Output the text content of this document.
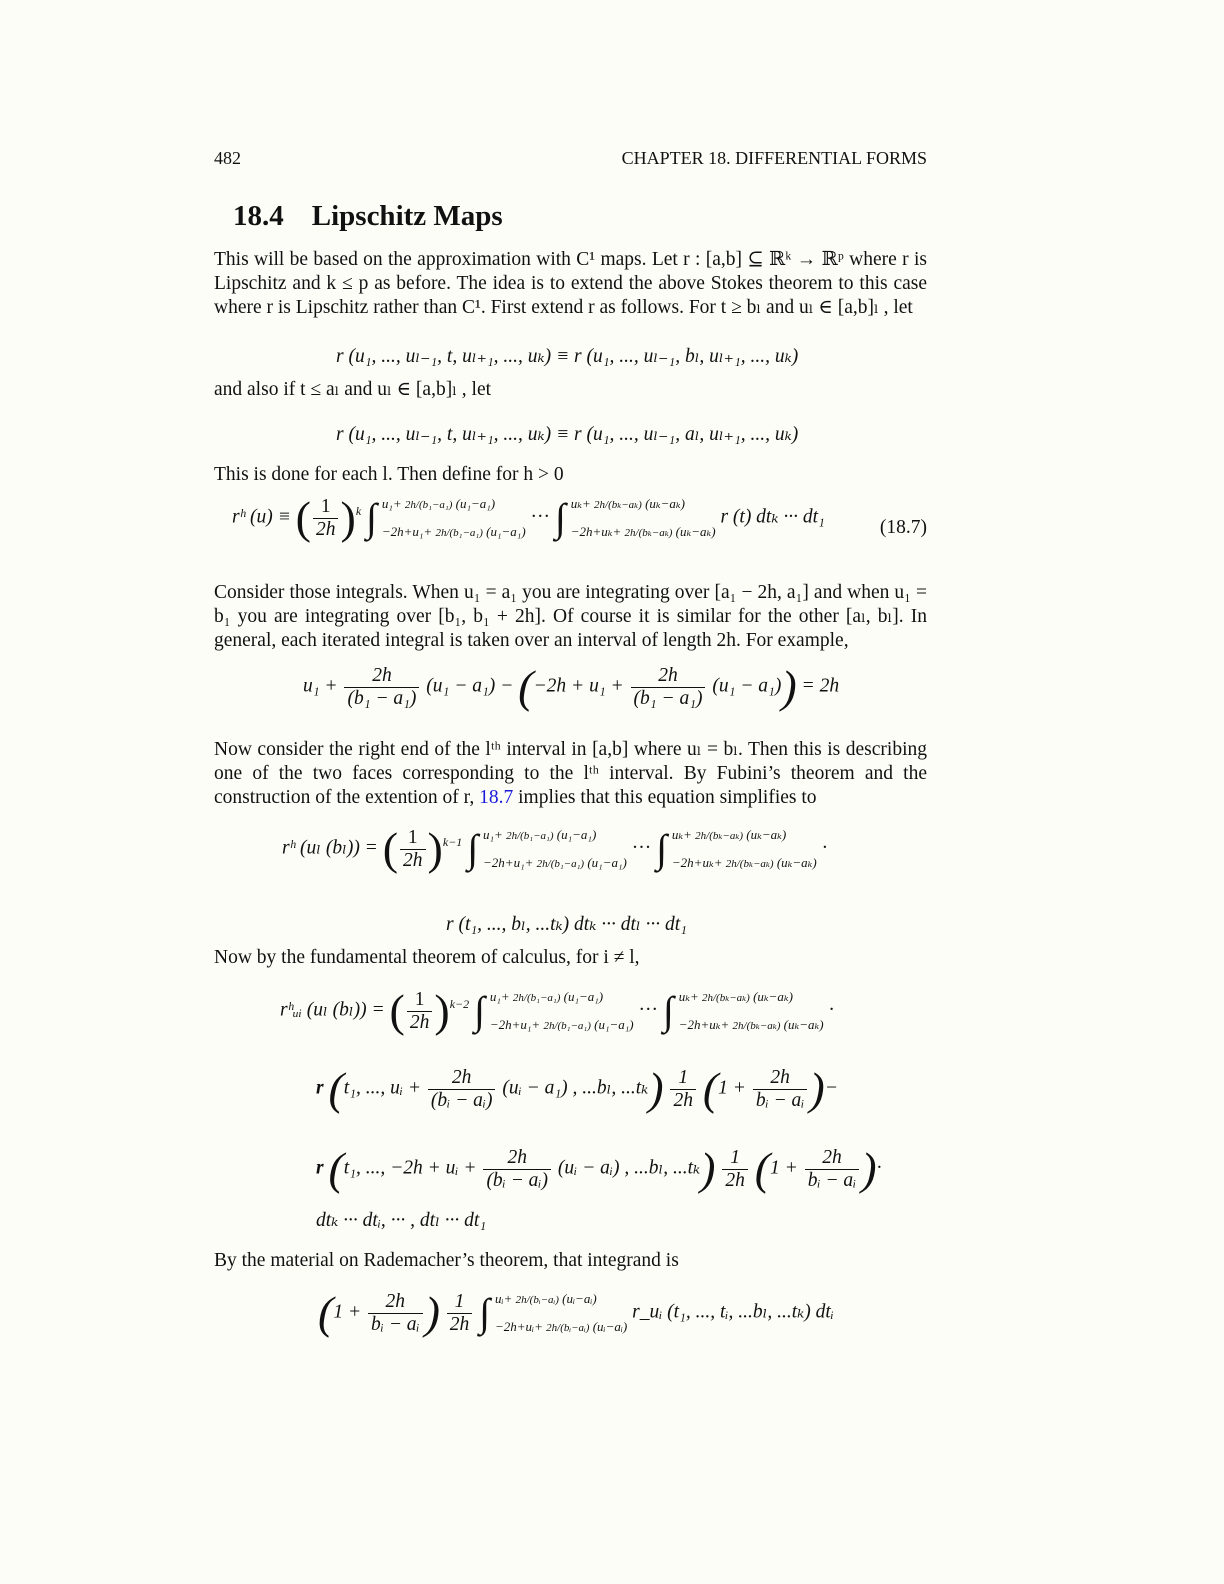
482	CHAPTER 18. DIFFERENTIAL FORMS
18.4 Lipschitz Maps
This will be based on the approximation with C¹ maps. Let r : [a,b] ⊆ ℝᵏ → ℝᵖ where r is Lipschitz and k ≤ p as before. The idea is to extend the above Stokes theorem to this case where r is Lipschitz rather than C¹. First extend r as follows. For t ≥ bₗ and uₗ ∈ [a,b]ₗ , let
r (u₁, ..., uₗ₋₁, t, uₗ₊₁, ..., uₖ) ≡ r (u₁, ..., uₗ₋₁, bₗ, uₗ₊₁, ..., uₖ)
and also if t ≤ aₗ and uₗ ∈ [a,b]ₗ , let
r (u₁, ..., uₗ₋₁, t, uₗ₊₁, ..., uₖ) ≡ r (u₁, ..., uₗ₋₁, aₗ, uₗ₊₁, ..., uₖ)
This is done for each l. Then define for h > 0
rʰ (u) ≡ ( $\frac{1}{2h} )^k$ ∫ u₁+ 2h/(b₁−a₁) (u₁−a₁)
−2h+u₁+ 2h/(b₁−a₁) (u₁−a₁)
··· ∫ uₖ+ 2h/(bₖ−aₖ) (uₖ−aₖ)
−2h+uₖ+ 2h/(bₖ−aₖ) (uₖ−aₖ)
r (t) dtₖ ··· dt₁
(18.7)
Consider those integrals. When u₁ = a₁ you are integrating over [a₁ − 2h, a₁] and when u₁ = b₁ you are integrating over [b₁, b₁ + 2h]. Of course it is similar for the other [aₗ, bₗ]. In general, each iterated integral is taken over an interval of length 2h. For example,
$u_1 + \frac{2h}{\text{(b₁ − a₁)}} (u_1 - a_1) - (-2h + u_1 + \frac{2h}{\text{(b₁ − a₁)}} (u_1 - a_1)) = 2h$
Now consider the right end of the lᵗʰ interval in [a,b] where uₗ = bₗ. Then this is describing one of the two faces corresponding to the lᵗʰ interval. By Fubini’s theorem and the construction of the extention of r, 18.7 implies that this equation simplifies to
rʰ (uₗ (bₗ)) = ( $\frac{1}{2h} )^{k-1}$ ∫ u₁+ 2h/(b₁−a₁) (u₁−a₁)
−2h+u₁+ 2h/(b₁−a₁) (u₁−a₁)
··· ∫ uₖ+ 2h/(bₖ−aₖ) (uₖ−aₖ)
−2h+uₖ+ 2h/(bₖ−aₖ) (uₖ−aₖ)
·
r (t₁, ..., bₗ, ...tₖ) dtₖ ··· dtₗ ··· dt₁
Now by the fundamental theorem of calculus, for i ≠ l,
rʰᵤᵢ (uₗ (bₗ)) = ( $\frac{1}{2h} )^{k-2}$ ∫ u₁+ 2h/(b₁−a₁) (u₁−a₁)
−2h+u₁+ 2h/(b₁−a₁) (u₁−a₁)
··· ∫ uₖ+ 2h/(bₖ−aₖ) (uₖ−aₖ)
−2h+uₖ+ 2h/(bₖ−aₖ) (uₖ−aₖ)
·
r (t₁, ..., uᵢ + $\frac{2h}{\text{(bᵢ − aᵢ)}}$ (uᵢ − a₁) , ...bₗ, $...t_k) \frac{1}{2h} (1 + \frac{2h}{\text{bᵢ − aᵢ}}$ )−
r (t₁, ..., −2h + uᵢ + $\frac{2h}{\text{(bᵢ − aᵢ)}}$ (uᵢ − aᵢ) , ...bₗ, $...t_k) \frac{1}{2h} (1 + \frac{2h}{\text{bᵢ − aᵢ}}$ )·
dtₖ ··· dtᵢ, ··· , dtₗ ··· dt₁
By the material on Rademacher’s theorem, that integrand is
($1 + \frac{2h}{\text{bᵢ − aᵢ}}$ ) $\frac{1}{2h}$ ∫ uᵢ+ 2h/(bᵢ−aᵢ) (uᵢ−aᵢ)
−2h+uᵢ+ 2h/(bᵢ−aᵢ) (uᵢ−aᵢ)
r_uᵢ (t₁, ..., tᵢ, ...bₗ, ...tₖ) dtᵢ
